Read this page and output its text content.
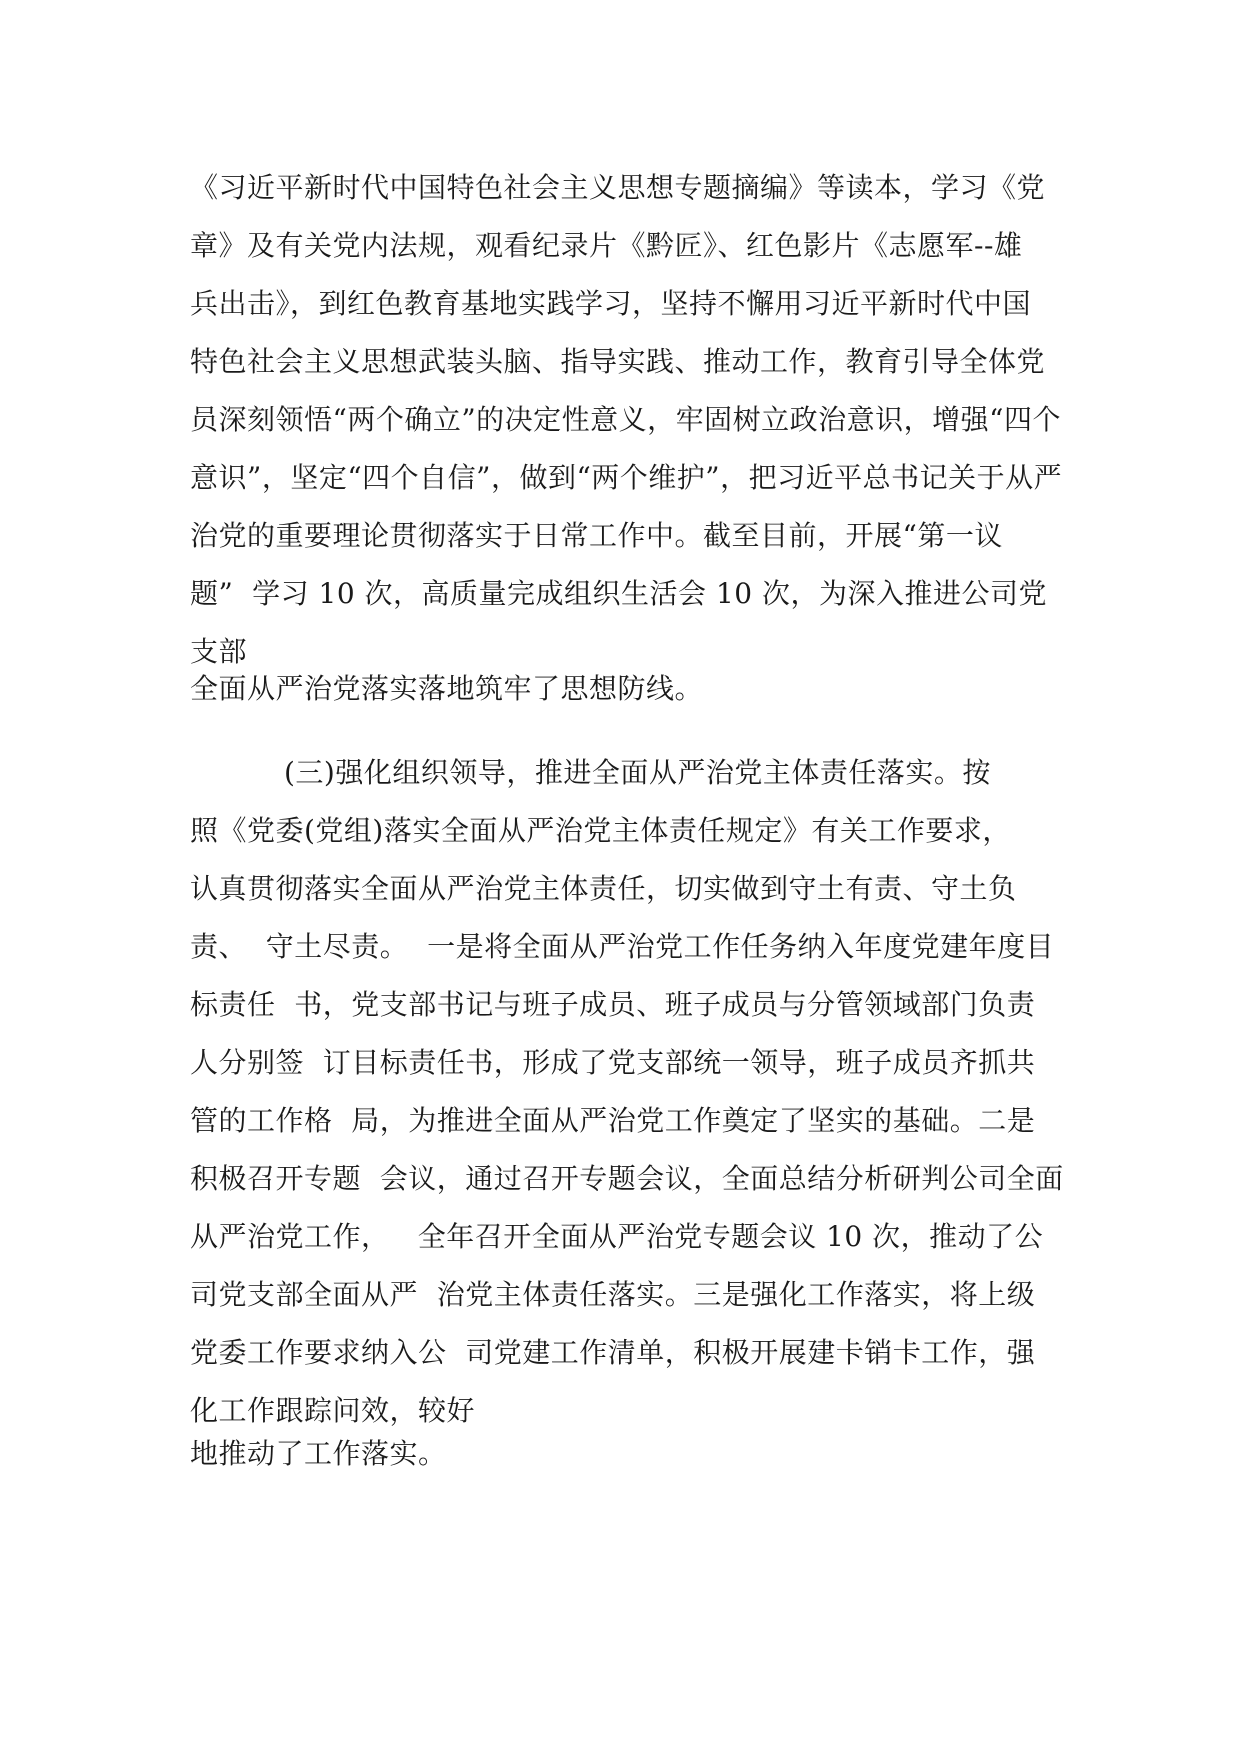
《习近平新时代中国特色社会主义思想专题摘编》等读本，学习《党
章》及有关党内法规，观看纪录片《黔匠》、红色影片《志愿军--雄
兵出击》，到红色教育基地实践学习，坚持不懈用习近平新时代中国
特色社会主义思想武装头脑、指导实践、推动工作，教育引导全体党
员深刻领悟“两个确立”的决定性意义，牢固树立政治意识，增强“四个
意识”，坚定“四个自信”，做到“两个维护”，把习近平总书记关于从严
治党的重要理论贯彻落实于日常工作中。截至目前，开展“第一议
题”  学习 10 次，高质量完成组织生活会 10 次，为深入推进公司党
支部
全面从严治党落实落地筑牢了思想防线。
(三)强化组织领导，推进全面从严治党主体责任落实。按
照《党委(党组)落实全面从严治党主体责任规定》有关工作要求，
认真贯彻落实全面从严治党主体责任，切实做到守土有责、守土负
责、  守土尽责。  一是将全面从严治党工作任务纳入年度党建年度目
标责任  书，党支部书记与班子成员、班子成员与分管领域部门负责
人分别签  订目标责任书，形成了党支部统一领导，班子成员齐抓共
管的工作格  局，为推进全面从严治党工作奠定了坚实的基础。二是
积极召开专题  会议，通过召开专题会议，全面总结分析研判公司全面
从严治党工作，   全年召开全面从严治党专题会议 10 次，推动了公
司党支部全面从严  治党主体责任落实。三是强化工作落实，将上级
党委工作要求纳入公  司党建工作清单，积极开展建卡销卡工作，强
化工作跟踪问效，较好
地推动了工作落实。
